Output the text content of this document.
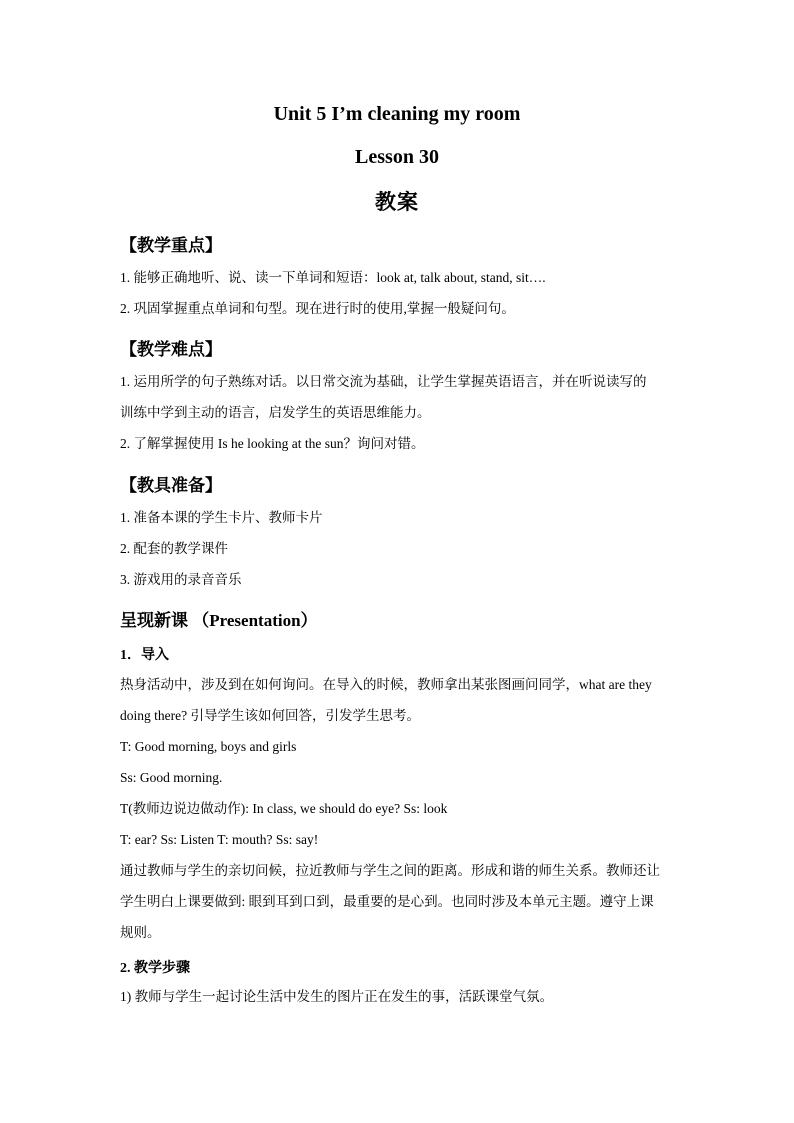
Unit 5 I’m cleaning my room
Lesson 30
教案
【教学重点】
1. 能够正确地听、说、读一下单词和短语：look at, talk about, stand, sit….
2. 巩固掌握重点单词和句型。现在进行时的使用,掌握一般疑问句。
【教学难点】
1. 运用所学的句子熟练对话。以日常交流为基础，让学生掌握英语语言，并在听说读写的
训练中学到主动的语言，启发学生的英语思维能力。
2. 了解掌握使用 Is he looking at the sun？询问对错。
【教具准备】
1. 准备本课的学生卡片、教师卡片
2. 配套的教学课件
3. 游戏用的录音音乐
呈现新课 （Presentation）
1．导入
热身活动中，涉及到在如何询问。在导入的时候，教师拿出某张图画问同学，what are they
doing there? 引导学生该如何回答，引发学生思考。
T: Good morning, boys and girls
Ss: Good morning.
T(教师边说边做动作): In class, we should do eye? Ss: look
T: ear? Ss: Listen T: mouth? Ss: say!
通过教师与学生的亲切问候，拉近教师与学生之间的距离。形成和谐的师生关系。教师还让
学生明白上课要做到: 眼到耳到口到，最重要的是心到。也同时涉及本单元主题。遵守上课
规则。
2. 教学步骤
1) 教师与学生一起讨论生活中发生的图片正在发生的事，活跃课堂气氛。
